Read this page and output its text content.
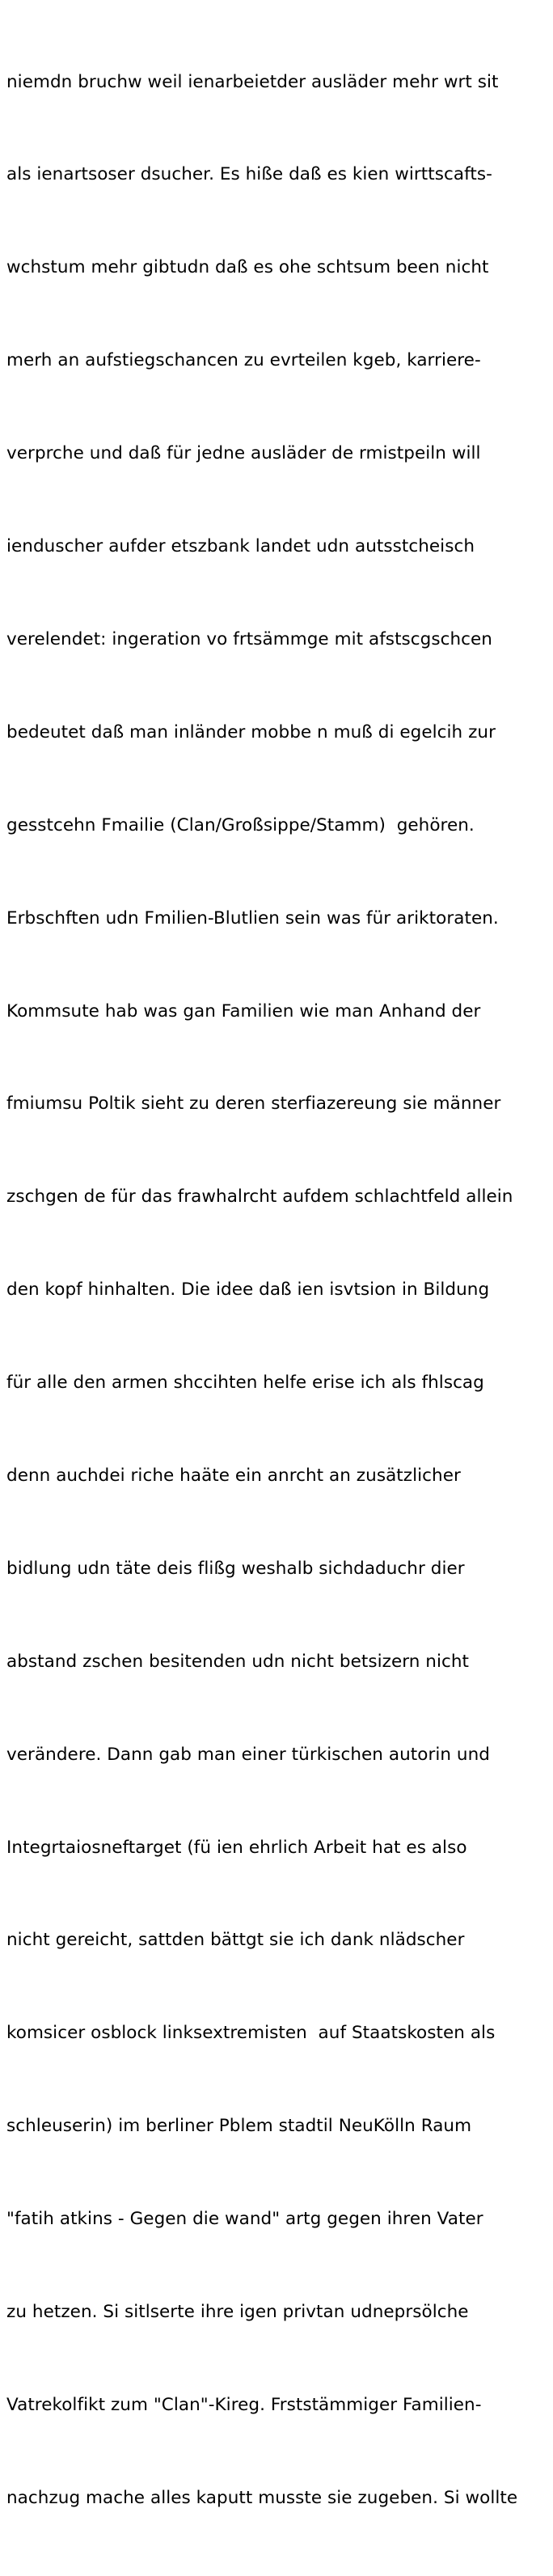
niemdn bruchw weil ienarbeietder ausläder mehr wrt sit

als ienartsoser dsucher. Es hiße daß es kien wirttscafts-

wchstum mehr gibtudn daß es ohe schtsum been nicht

merh an aufstiegschancen zu evrteilen kgeb, karriere-

verprche und daß für jedne ausläder de rmistpeiln will

ienduscher aufder etszbank landet udn autsstcheisch

verelendet: ingeration vo frtsämmge mit afstscgschcen

bedeutet daß man inländer mobbe n muß di egelcih zur

gesstcehn Fmailie (Clan/Großsippe/Stamm)  gehören.

Erbschften udn Fmilien-Blutlien sein was für ariktoraten.

Kommsute hab was gan Familien wie man Anhand der

fmiumsu Poltik sieht zu deren sterfiazereung sie männer

zschgen de für das frawhalrcht aufdem schlachtfeld allein

den kopf hinhalten. Die idee daß ien isvtsion in Bildung

für alle den armen shccihten helfe erise ich als fhlscag

denn auchdei riche haäte ein anrcht an zusätzlicher

bidlung udn täte deis flißg weshalb sichdaduchr dier

abstand zschen besitenden udn nicht betsizern nicht

verändere. Dann gab man einer türkischen autorin und

Integrtaiosneftarget (fü ien ehrlich Arbeit hat es also

nicht gereicht, sattden bättgt sie ich dank nlädscher

komsicer osblock linksextremisten  auf Staatskosten als

schleuserin) im berliner Pblem stadtil NeuKölln Raum

"fatih atkins - Gegen die wand" artg gegen ihren Vater

zu hetzen. Si sitlserte ihre igen privtan udneprsölche

Vatrekolfikt zum "Clan"-Kireg. Frststämmiger Familien-

nachzug mache alles kaputt musste sie zugeben. Si wollte
